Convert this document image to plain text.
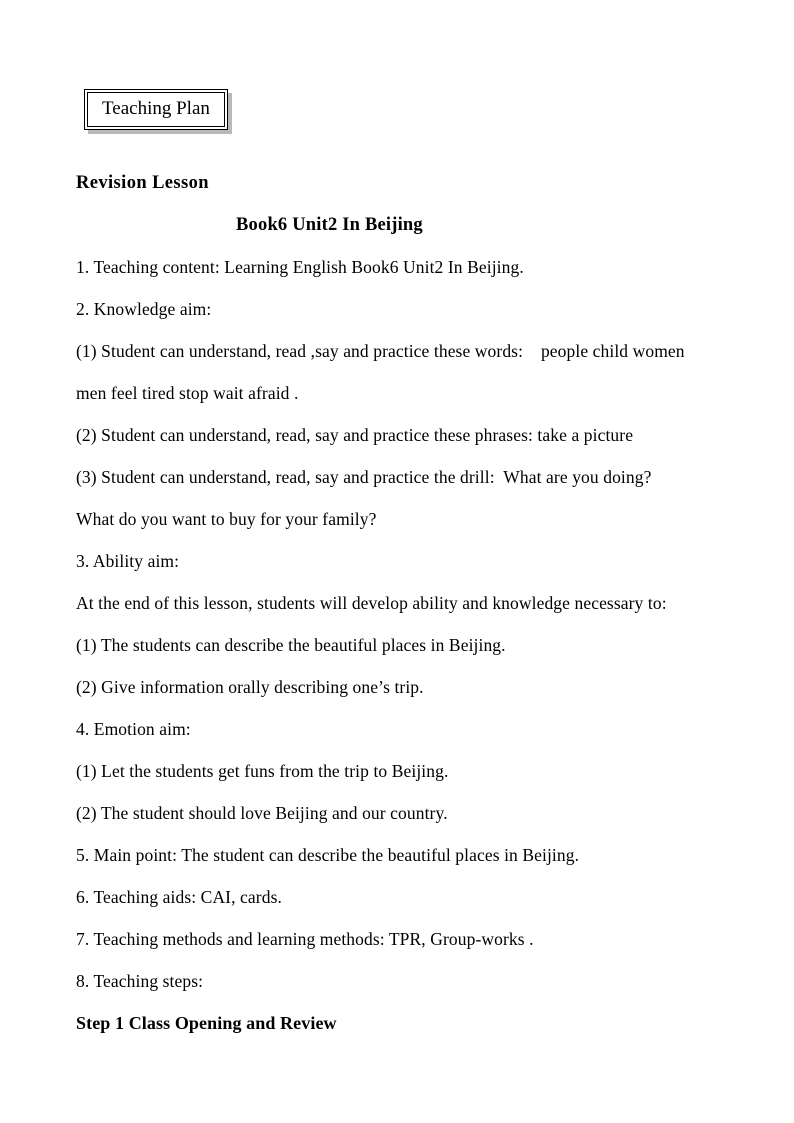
Teaching Plan
Revision Lesson
Book6 Unit2 In Beijing
1. Teaching content: Learning English Book6 Unit2 In Beijing.
2. Knowledge aim:
(1) Student can understand, read ,say and practice these words:    people child women
men feel tired stop wait afraid .
(2) Student can understand, read, say and practice these phrases: take a picture
(3) Student can understand, read, say and practice the drill:  What are you doing?
What do you want to buy for your family?
3. Ability aim:
At the end of this lesson, students will develop ability and knowledge necessary to:
(1) The students can describe the beautiful places in Beijing.
(2) Give information orally describing one’s trip.
4. Emotion aim:
(1) Let the students get funs from the trip to Beijing.
(2) The student should love Beijing and our country.
5. Main point: The student can describe the beautiful places in Beijing.
6. Teaching aids: CAI, cards.
7. Teaching methods and learning methods: TPR, Group-works .
8. Teaching steps:
Step 1 Class Opening and Review
